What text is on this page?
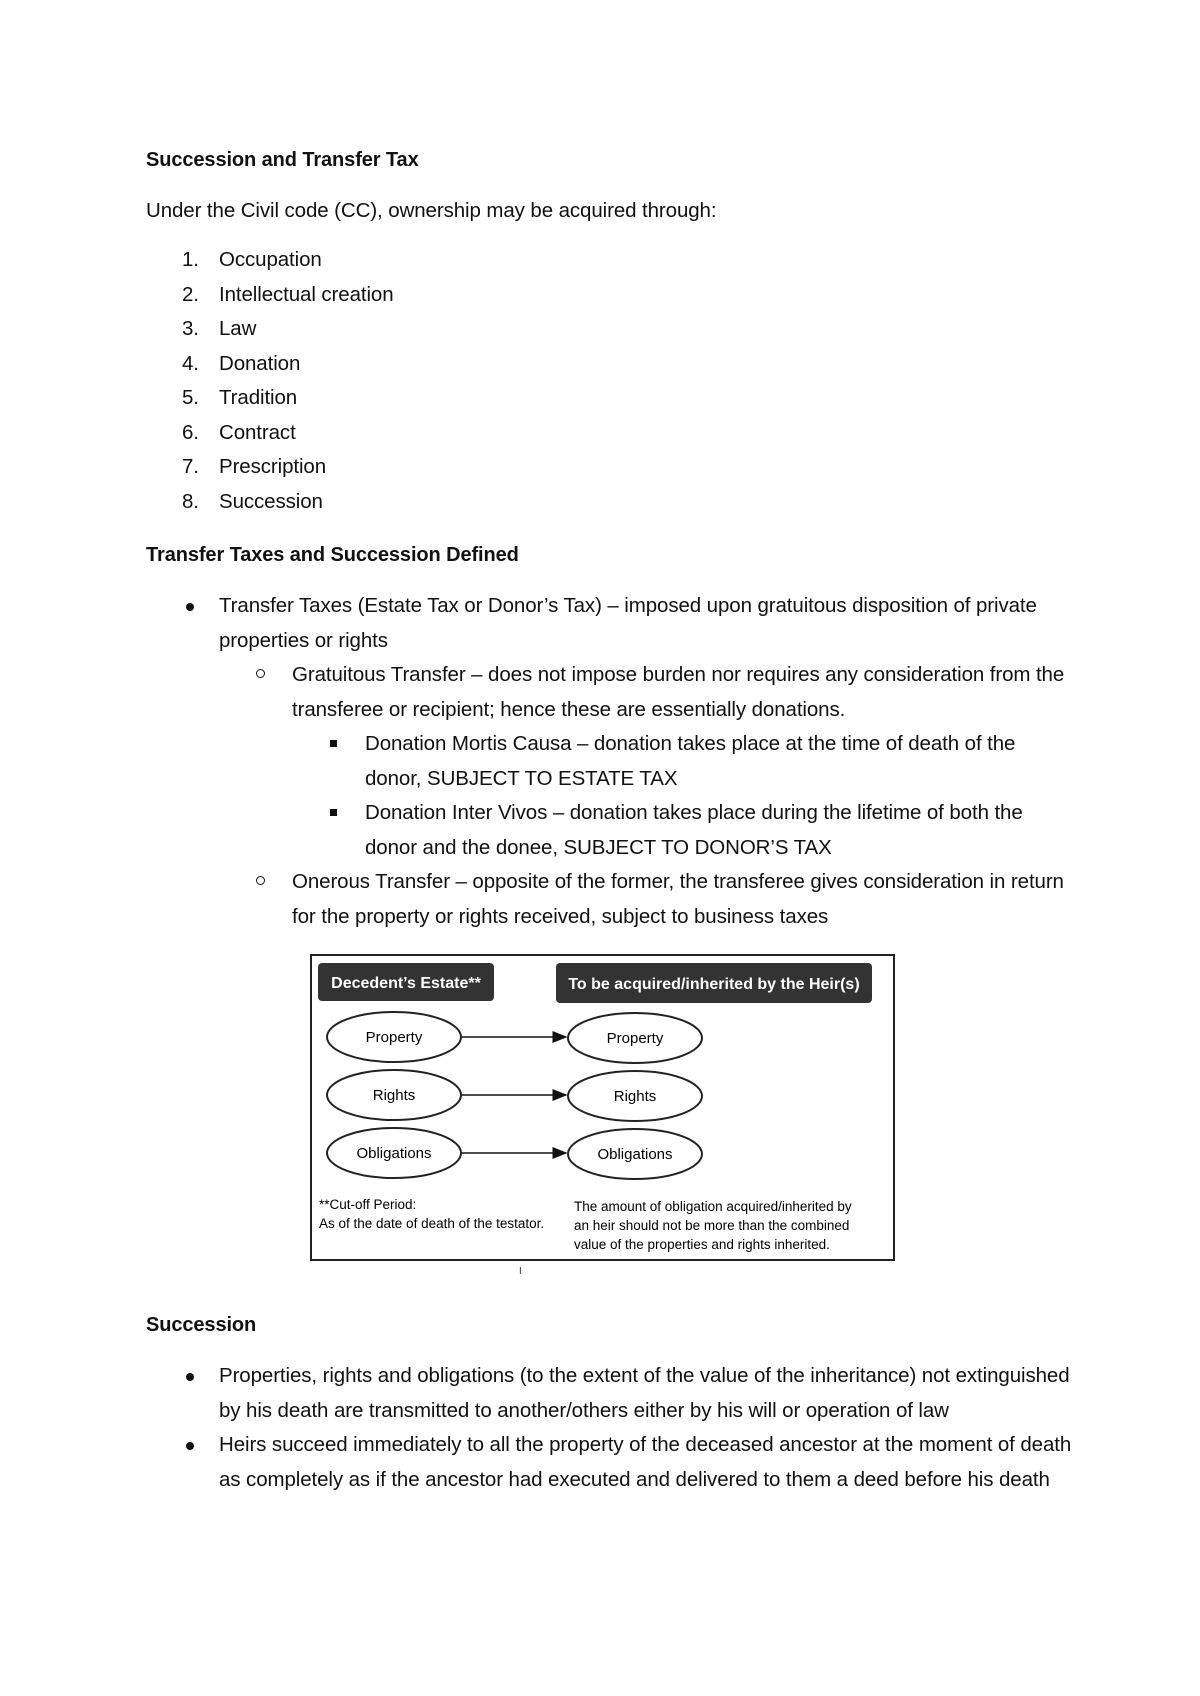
Succession and Transfer Tax
Under the Civil code (CC), ownership may be acquired through:
1. Occupation
2. Intellectual creation
3. Law
4. Donation
5. Tradition
6. Contract
7. Prescription
8. Succession
Transfer Taxes and Succession Defined
Transfer Taxes (Estate Tax or Donor’s Tax) – imposed upon gratuitous disposition of private properties or rights
Gratuitous Transfer – does not impose burden nor requires any consideration from the transferee or recipient; hence these are essentially donations.
Donation Mortis Causa – donation takes place at the time of death of the donor, SUBJECT TO ESTATE TAX
Donation Inter Vivos – donation takes place during the lifetime of both the donor and the donee, SUBJECT TO DONOR’S TAX
Onerous Transfer – opposite of the former, the transferee gives consideration in return for the property or rights received, subject to business taxes
Decedent’s Estate**	To be acquired/inherited by the Heir(s)
Property
Rights
Obligations
Property
Rights
Obligations
**Cut-off Period:
As of the date of death of the testator.
The amount of obligation acquired/inherited by
an heir should not be more than the combined
value of the properties and rights inherited.
ι
Succession
Properties, rights and obligations (to the extent of the value of the inheritance) not extinguished by his death are transmitted to another/others either by his will or operation of law
Heirs succeed immediately to all the property of the deceased ancestor at the moment of death as completely as if the ancestor had executed and delivered to them a deed before his death
